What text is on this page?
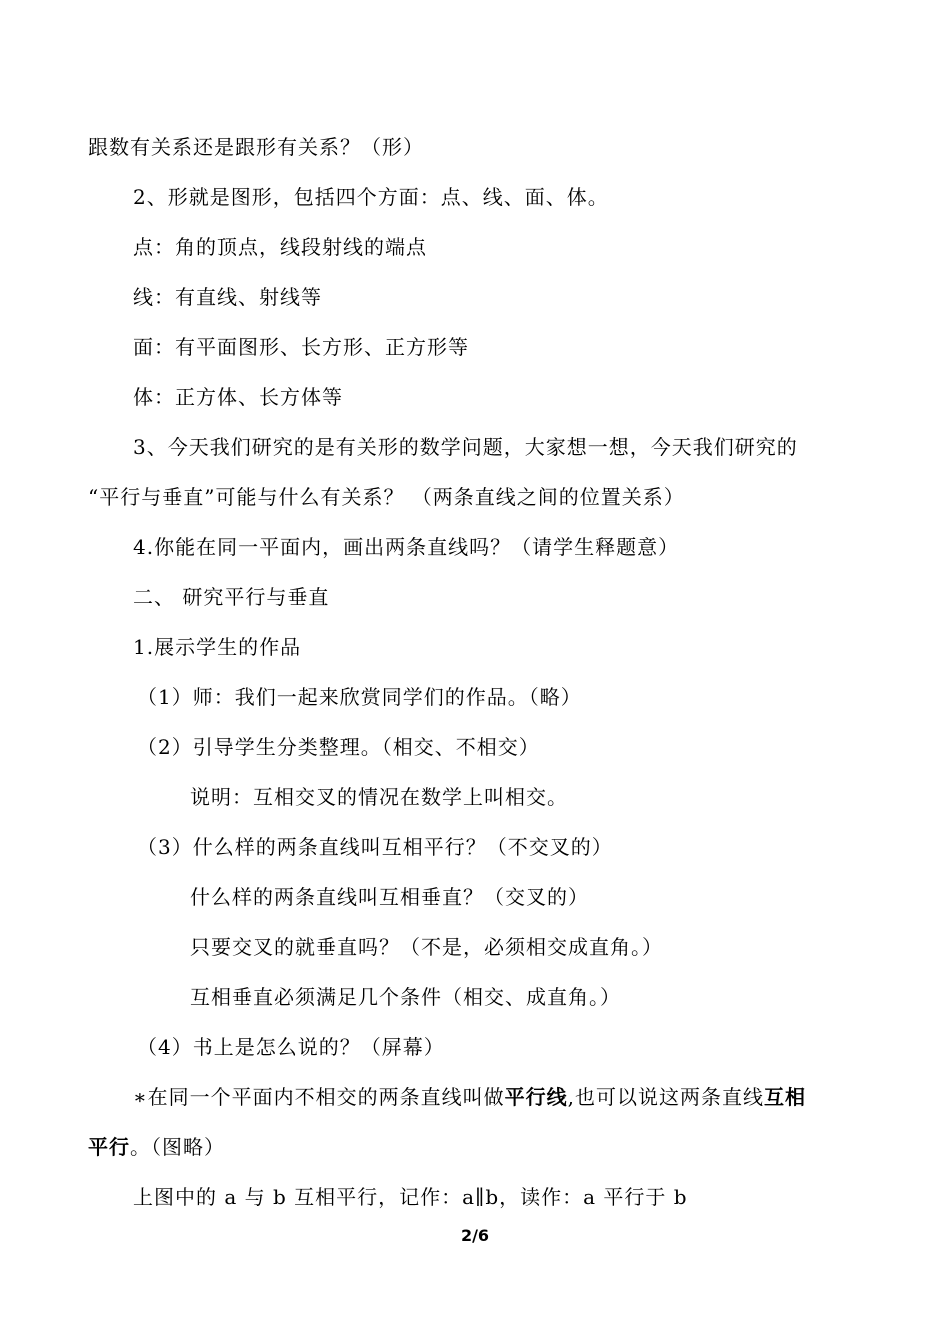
跟数有关系还是跟形有关系？（形）
2、形就是图形，包括四个方面：点、线、面、体。
点：角的顶点，线段射线的端点
线：有直线、射线等
面：有平面图形、长方形、正方形等
体：正方体、长方体等
3、今天我们研究的是有关形的数学问题，大家想一想，今天我们研究的
“平行与垂直”可能与什么有关系？ （两条直线之间的位置关系）
4.你能在同一平面内，画出两条直线吗？（请学生释题意）
二、 研究平行与垂直
1.展示学生的作品
（1）师：我们一起来欣赏同学们的作品。（略）
（2）引导学生分类整理。（相交、不相交）
说明：互相交叉的情况在数学上叫相交。
（3）什么样的两条直线叫互相平行？（不交叉的）
什么样的两条直线叫互相垂直？（交叉的）
只要交叉的就垂直吗？（不是，必须相交成直角。）
互相垂直必须满足几个条件（相交、成直角。）
（4）书上是怎么说的？（屏幕）
∗在同一个平面内不相交的两条直线叫做平行线,也可以说这两条直线互相
平行。（图略）
上图中的 a 与 b 互相平行，记作：a∥b，读作：a 平行于 b
2/6
